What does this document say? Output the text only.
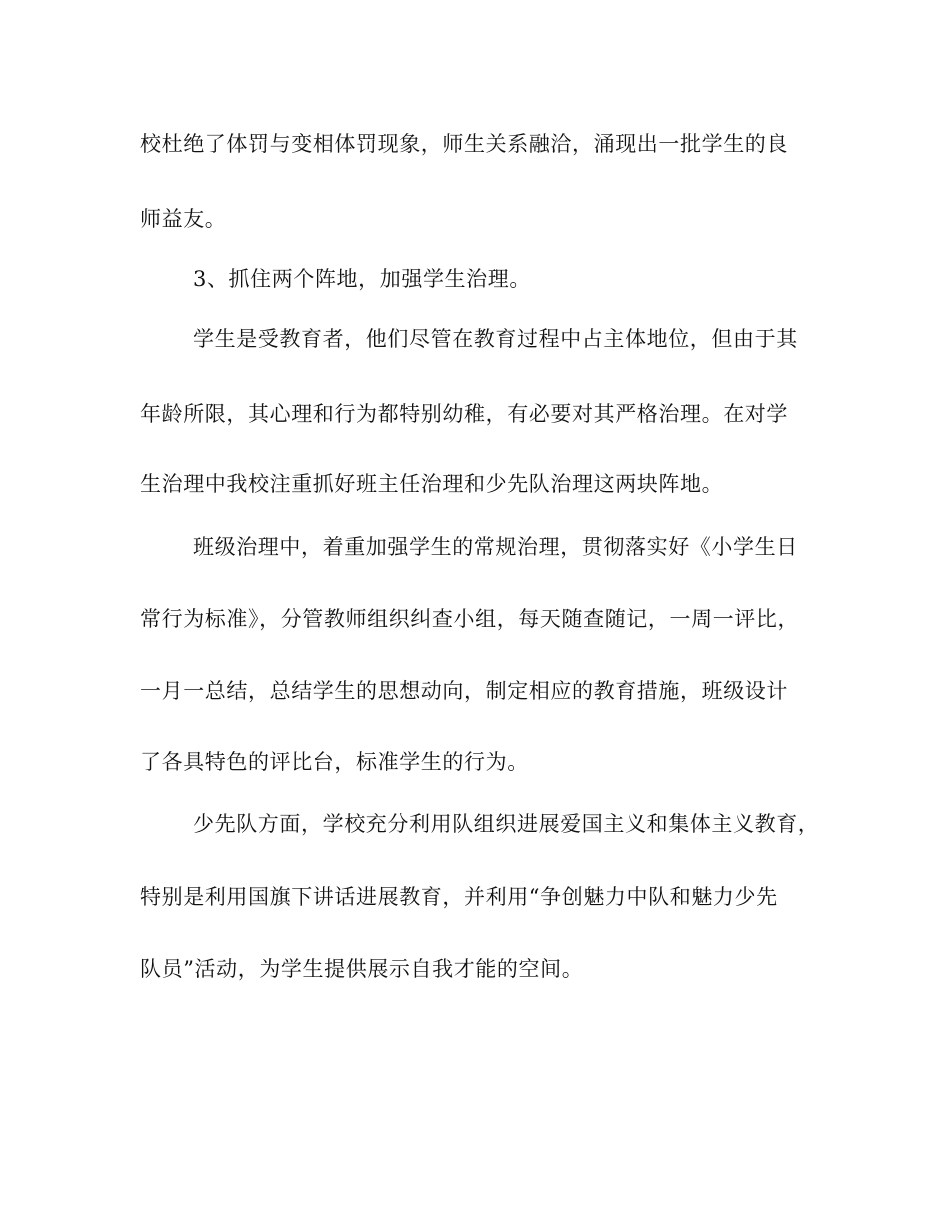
校杜绝了体罚与变相体罚现象，师生关系融洽，涌现出一批学生的良
师益友。
3、抓住两个阵地，加强学生治理。
学生是受教育者，他们尽管在教育过程中占主体地位，但由于其
年龄所限，其心理和行为都特别幼稚，有必要对其严格治理。在对学
生治理中我校注重抓好班主任治理和少先队治理这两块阵地。
班级治理中，着重加强学生的常规治理，贯彻落实好《小学生日
常行为标准》，分管教师组织纠查小组，每天随查随记，一周一评比，
一月一总结，总结学生的思想动向，制定相应的教育措施，班级设计
了各具特色的评比台，标准学生的行为。
少先队方面，学校充分利用队组织进展爱国主义和集体主义教育，
特别是利用国旗下讲话进展教育，并利用“争创魅力中队和魅力少先
队员”活动，为学生提供展示自我才能的空间。
